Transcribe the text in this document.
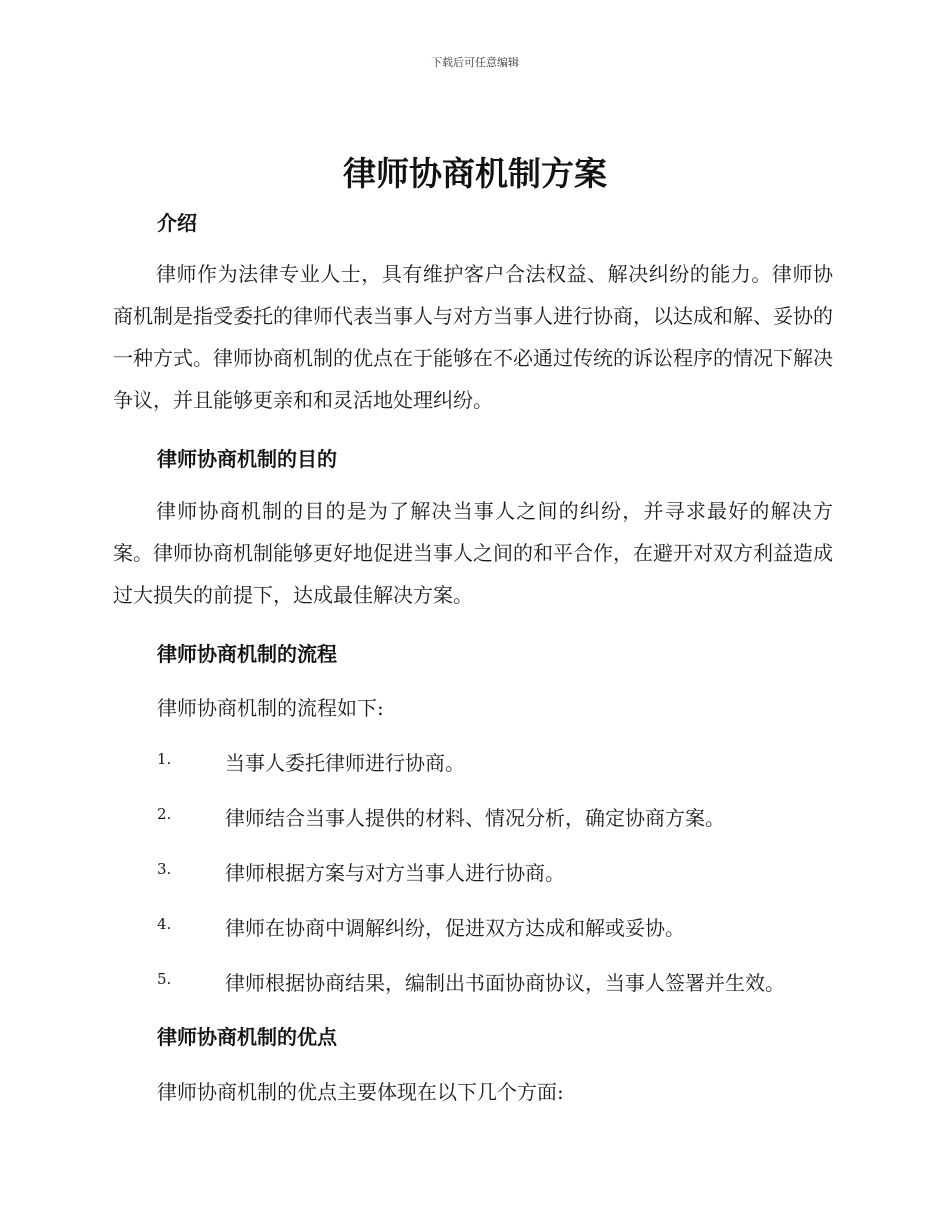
下载后可任意编辑
律师协商机制方案
介绍

律师作为法律专业人士，具有维护客户合法权益、解决纠纷的能力。律师协商机制是指受委托的律师代表当事人与对方当事人进行协商，以达成和解、妥协的一种方式。律师协商机制的优点在于能够在不必通过传统的诉讼程序的情况下解决争议，并且能够更亲和和灵活地处理纠纷。

律师协商机制的目的

律师协商机制的目的是为了解决当事人之间的纠纷，并寻求最好的解决方案。律师协商机制能够更好地促进当事人之间的和平合作，在避开对双方利益造成过大损失的前提下，达成最佳解决方案。

律师协商机制的流程
律师协商机制的流程如下:
1.	当事人委托律师进行协商。
2.	律师结合当事人提供的材料、情况分析，确定协商方案。
3.	律师根据方案与对方当事人进行协商。
4.	律师在协商中调解纠纷，促进双方达成和解或妥协。
5.	律师根据协商结果，编制出书面协商协议，当事人签署并生效。
律师协商机制的优点
律师协商机制的优点主要体现在以下几个方面:
